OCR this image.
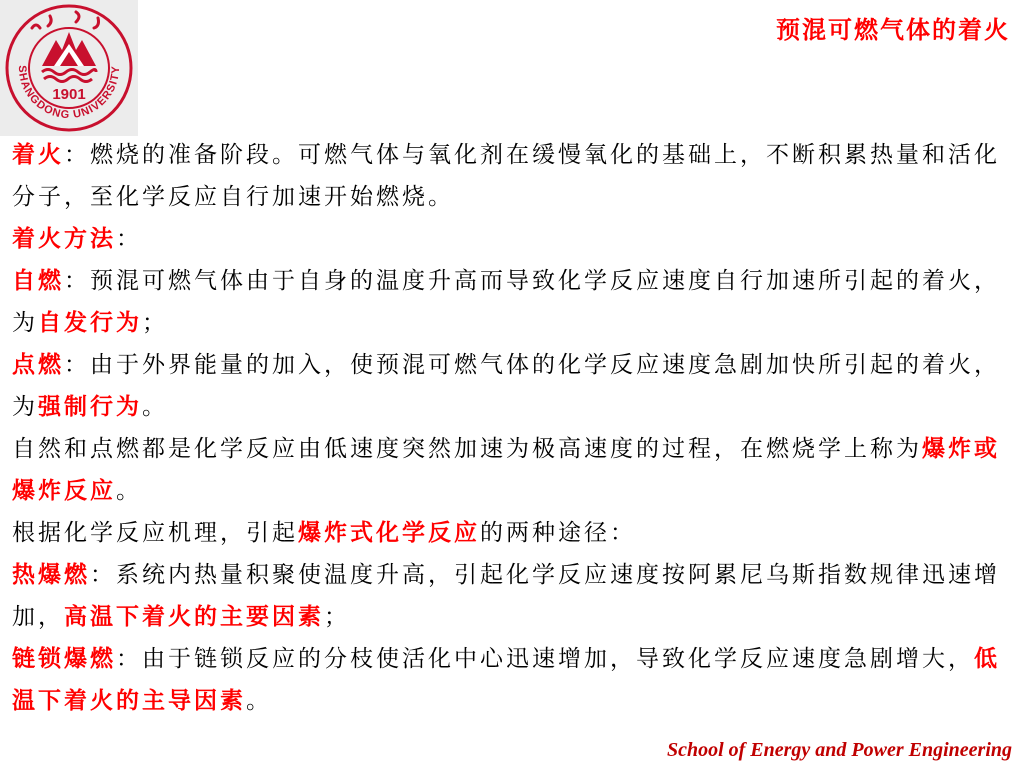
SHANGDONG UNIVERSITY
1901
预混可燃气体的着火

着火：燃烧的准备阶段。可燃气体与氧化剂在缓慢氧化的基础上，不断积累热量和活化分子，至化学反应自行加速开始燃烧。

着火方法：

自燃：预混可燃气体由于自身的温度升高而导致化学反应速度自行加速所引起的着火，为自发行为；

点燃：由于外界能量的加入，使预混可燃气体的化学反应速度急剧加快所引起的着火，为强制行为。

自然和点燃都是化学反应由低速度突然加速为极高速度的过程，在燃烧学上称为爆炸或爆炸反应。

根据化学反应机理，引起爆炸式化学反应的两种途径：

热爆燃：系统内热量积聚使温度升高，引起化学反应速度按阿累尼乌斯指数规律迅速增加，高温下着火的主要因素；

链锁爆燃：由于链锁反应的分枝使活化中心迅速增加，导致化学反应速度急剧增大，低温下着火的主导因素。

School of Energy and Power Engineering
